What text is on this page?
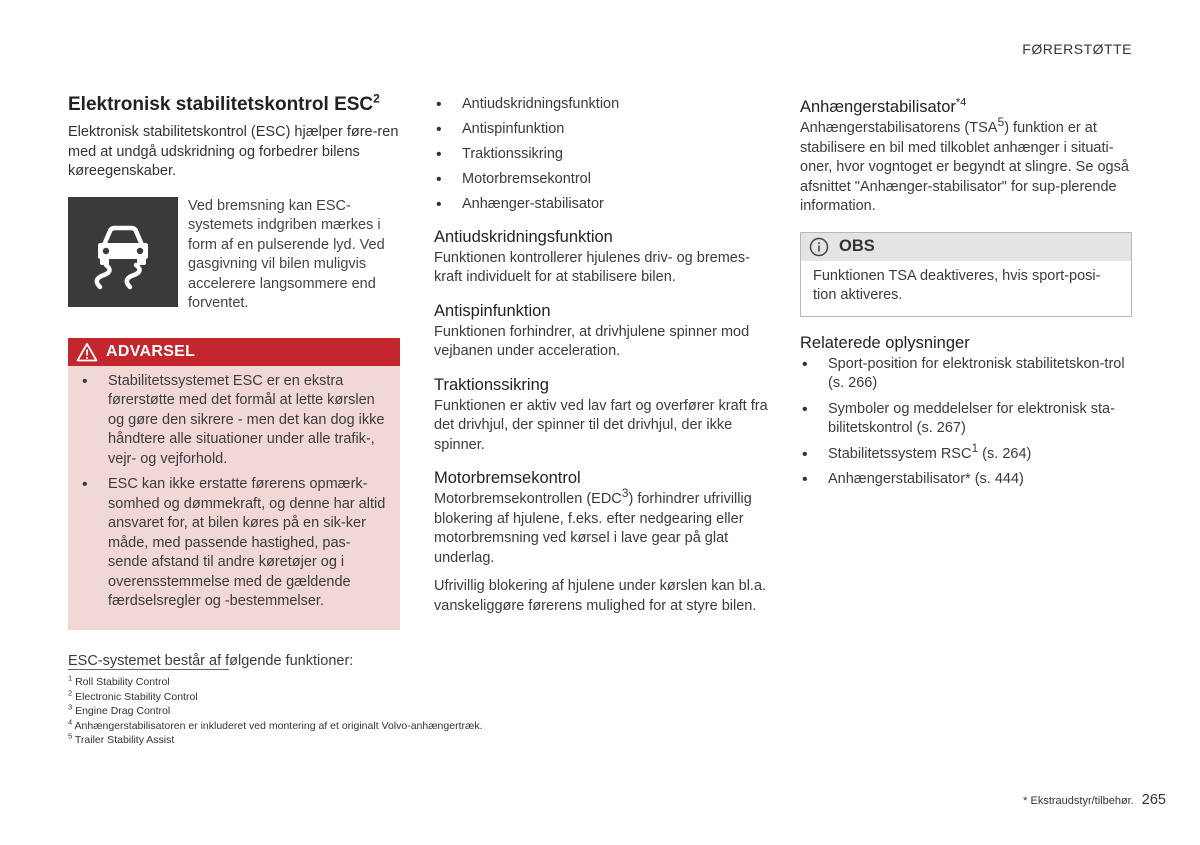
FØRERSTØTTE
Elektronisk stabilitetskontrol ESC$^2$

Elektronisk stabilitetskontrol (ESC) hjælper føre-ren med at undgå udskridning og forbedrer bilens køreegenskaber.

Ved bremsning kan ESC-systemets indgriben mærkes i form af en pulserende lyd. Ved gasgivning vil bilen muligvis accelerere langsommere end forventet.

ADVARSEL
• Stabilitetssystemet ESC er en ekstra førerstøtte med det formål at lette kørslen og gøre den sikrere - men det kan dog ikke håndtere alle situationer under alle trafik-, vejr- og vejforhold.
• ESC kan ikke erstatte førerens opmærk-somhed og dømmekraft, og denne har altid ansvaret for, at bilen køres på en sik-ker måde, med passende hastighed, pas-sende afstand til andre køretøjer og i overensstemmelse med de gældende færdselsregler og -bestemmelser.

ESC-systemet består af følgende funktioner:

• Antiudskridningsfunktion
• Antispinfunktion
• Traktionssikring
• Motorbremsekontrol
• Anhænger-stabilisator
Antiudskridningsfunktion

Funktionen kontrollerer hjulenes driv- og bremes-kraft individuelt for at stabilisere bilen.

Antispinfunktion

Funktionen forhindrer, at drivhjulene spinner mod vejbanen under acceleration.

Traktionssikring

Funktionen er aktiv ved lav fart og overfører kraft fra det drivhjul, der spinner til det drivhjul, der ikke spinner.

Motorbremsekontrol

Motorbremsekontrollen (EDC$^3$) forhindrer ufrivillig blokering af hjulene, f.eks. efter nedgearing eller motorbremsning ved kørsel i lave gear på glat underlag.

Ufrivillig blokering af hjulene under kørslen kan bl.a. vanskeliggøre førerens mulighed for at styre bilen.

Anhængerstabilisator$^{*4}$

Anhængerstabilisatorens (TSA$^5$) funktion er at stabilisere en bil med tilkoblet anhænger i situati-oner, hvor vogntoget er begyndt at slingre. Se også afsnittet "Anhænger-stabilisator" for sup-plerende information.

OBS

Funktionen TSA deaktiveres, hvis sport-posi-tion aktiveres.

Relaterede oplysninger
• Sport-position for elektronisk stabilitetskon-trol (s. 266)
• Symboler og meddelelser for elektronisk sta-bilitetskontrol (s. 267)
• Stabilitetssystem RSC$^1$ (s. 264)
• Anhængerstabilisator* (s. 444)
$^1$ Roll Stability Control
$^2$ Electronic Stability Control
$^3$ Engine Drag Control
$^4$ Anhængerstabilisatoren er inkluderet ved montering af et originalt Volvo-anhængertræk.
$^5$ Trailer Stability Assist
* Ekstraudstyr/tilbehør. 265
